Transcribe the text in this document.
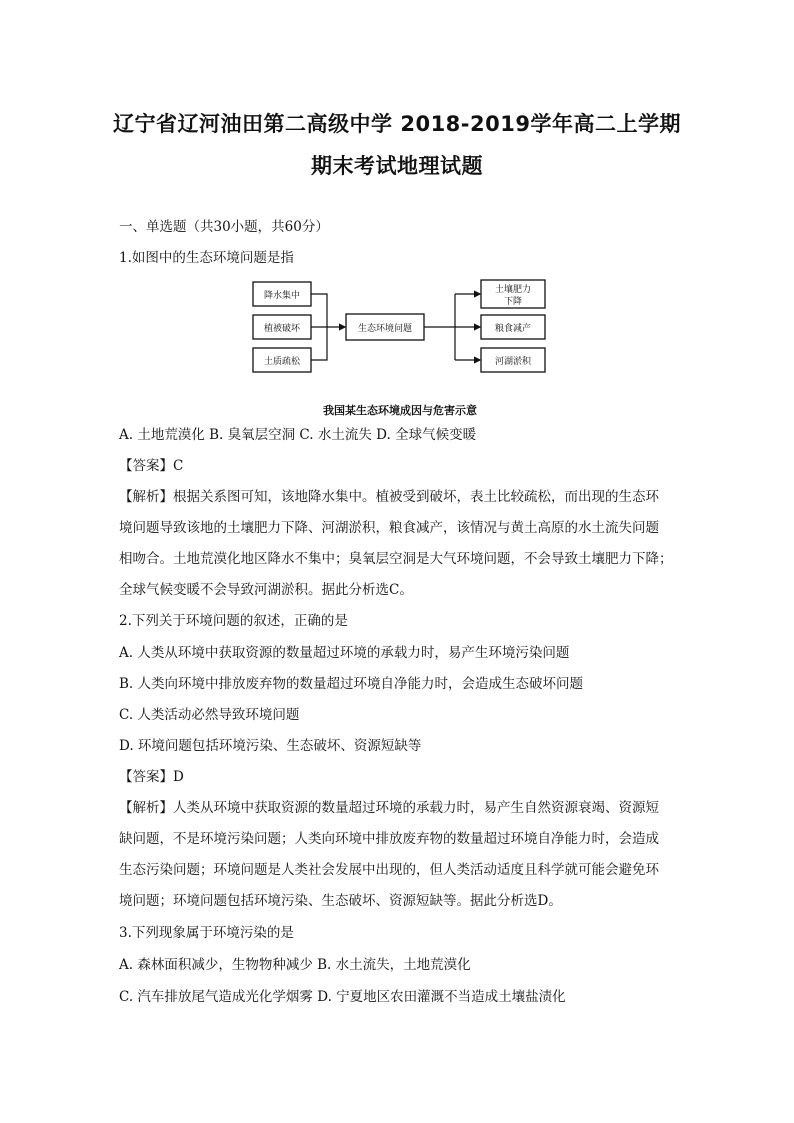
辽宁省辽河油田第二高级中学 2018-2019学年高二上学期
期末考试地理试题
一、单选题（共30小题，共60分）
1.如图中的生态环境问题是指
降水集中
植被破坏
土质疏松
生态环境问题
土壤肥力
下降
粮食减产
河湖淤积
我国某生态环境成因与危害示意
A. 土地荒漠化 B. 臭氧层空洞 C. 水土流失 D. 全球气候变暖
【答案】C
【解析】根据关系图可知，该地降水集中。植被受到破坏，表土比较疏松，而出现的生态环
境问题导致该地的土壤肥力下降、河湖淤积，粮食减产，该情况与黄土高原的水土流失问题
相吻合。土地荒漠化地区降水不集中；臭氧层空洞是大气环境问题，不会导致土壤肥力下降；
全球气候变暖不会导致河湖淤积。据此分析选C。
2.下列关于环境问题的叙述，正确的是
A. 人类从环境中获取资源的数量超过环境的承载力时，易产生环境污染问题
B. 人类向环境中排放废弃物的数量超过环境自净能力时，会造成生态破坏问题
C. 人类活动必然导致环境问题
D. 环境问题包括环境污染、生态破坏、资源短缺等
【答案】D
【解析】人类从环境中获取资源的数量超过环境的承载力时，易产生自然资源衰竭、资源短
缺问题，不是环境污染问题；人类向环境中排放废弃物的数量超过环境自净能力时，会造成
生态污染问题；环境问题是人类社会发展中出现的，但人类活动适度且科学就可能会避免环
境问题；环境问题包括环境污染、生态破坏、资源短缺等。据此分析选D。
3.下列现象属于环境污染的是
A. 森林面积减少，生物物种减少 B. 水土流失，土地荒漠化
C. 汽车排放尾气造成光化学烟雾 D. 宁夏地区农田灌溉不当造成土壤盐渍化
